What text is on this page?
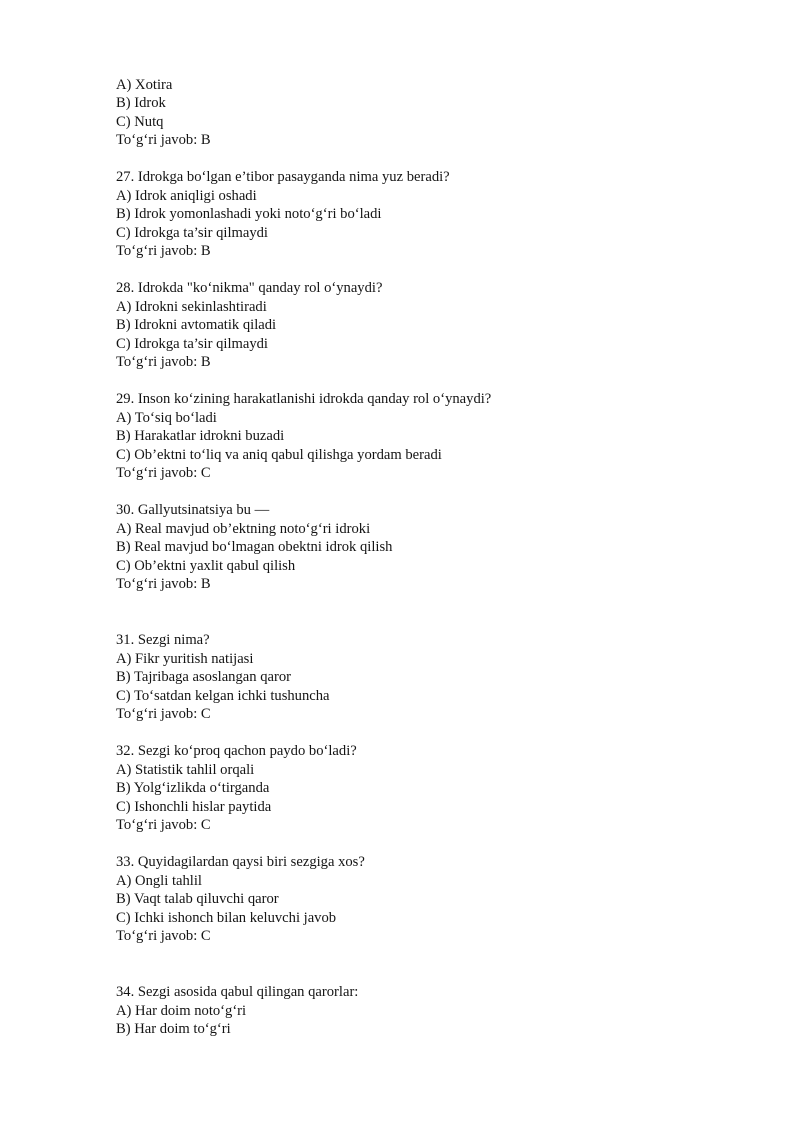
A) Xotira

B) Idrok

C) Nutq

To‘g‘ri javob: B

27. Idrokga bo‘lgan e’tibor pasayganda nima yuz beradi?

A) Idrok aniqligi oshadi

B) Idrok yomonlashadi yoki noto‘g‘ri bo‘ladi

C) Idrokga ta’sir qilmaydi

To‘g‘ri javob: B

28. Idrokda "ko‘nikma" qanday rol o‘ynaydi?

A) Idrokni sekinlashtiradi

B) Idrokni avtomatik qiladi

C) Idrokga ta’sir qilmaydi

To‘g‘ri javob: B

29. Inson ko‘zining harakatlanishi idrokda qanday rol o‘ynaydi?

A) To‘siq bo‘ladi

B) Harakatlar idrokni buzadi

C) Ob’ektni to‘liq va aniq qabul qilishga yordam beradi

To‘g‘ri javob: C

30. Gallyutsinatsiya bu —

A) Real mavjud ob’ektning noto‘g‘ri idroki

B) Real mavjud bo‘lmagan obektni idrok qilish

C) Ob’ektni yaxlit qabul qilish

To‘g‘ri javob: B

31. Sezgi nima?

A) Fikr yuritish natijasi

B) Tajribaga asoslangan qaror

C) To‘satdan kelgan ichki tushuncha

To‘g‘ri javob: C

32. Sezgi ko‘proq qachon paydo bo‘ladi?

A) Statistik tahlil orqali

B) Yolg‘izlikda o‘tirganda

C) Ishonchli hislar paytida

To‘g‘ri javob: C

33. Quyidagilardan qaysi biri sezgiga xos?

A) Ongli tahlil

B) Vaqt talab qiluvchi qaror

C) Ichki ishonch bilan keluvchi javob

To‘g‘ri javob: C

34. Sezgi asosida qabul qilingan qarorlar:

A) Har doim noto‘g‘ri

B) Har doim to‘g‘ri
